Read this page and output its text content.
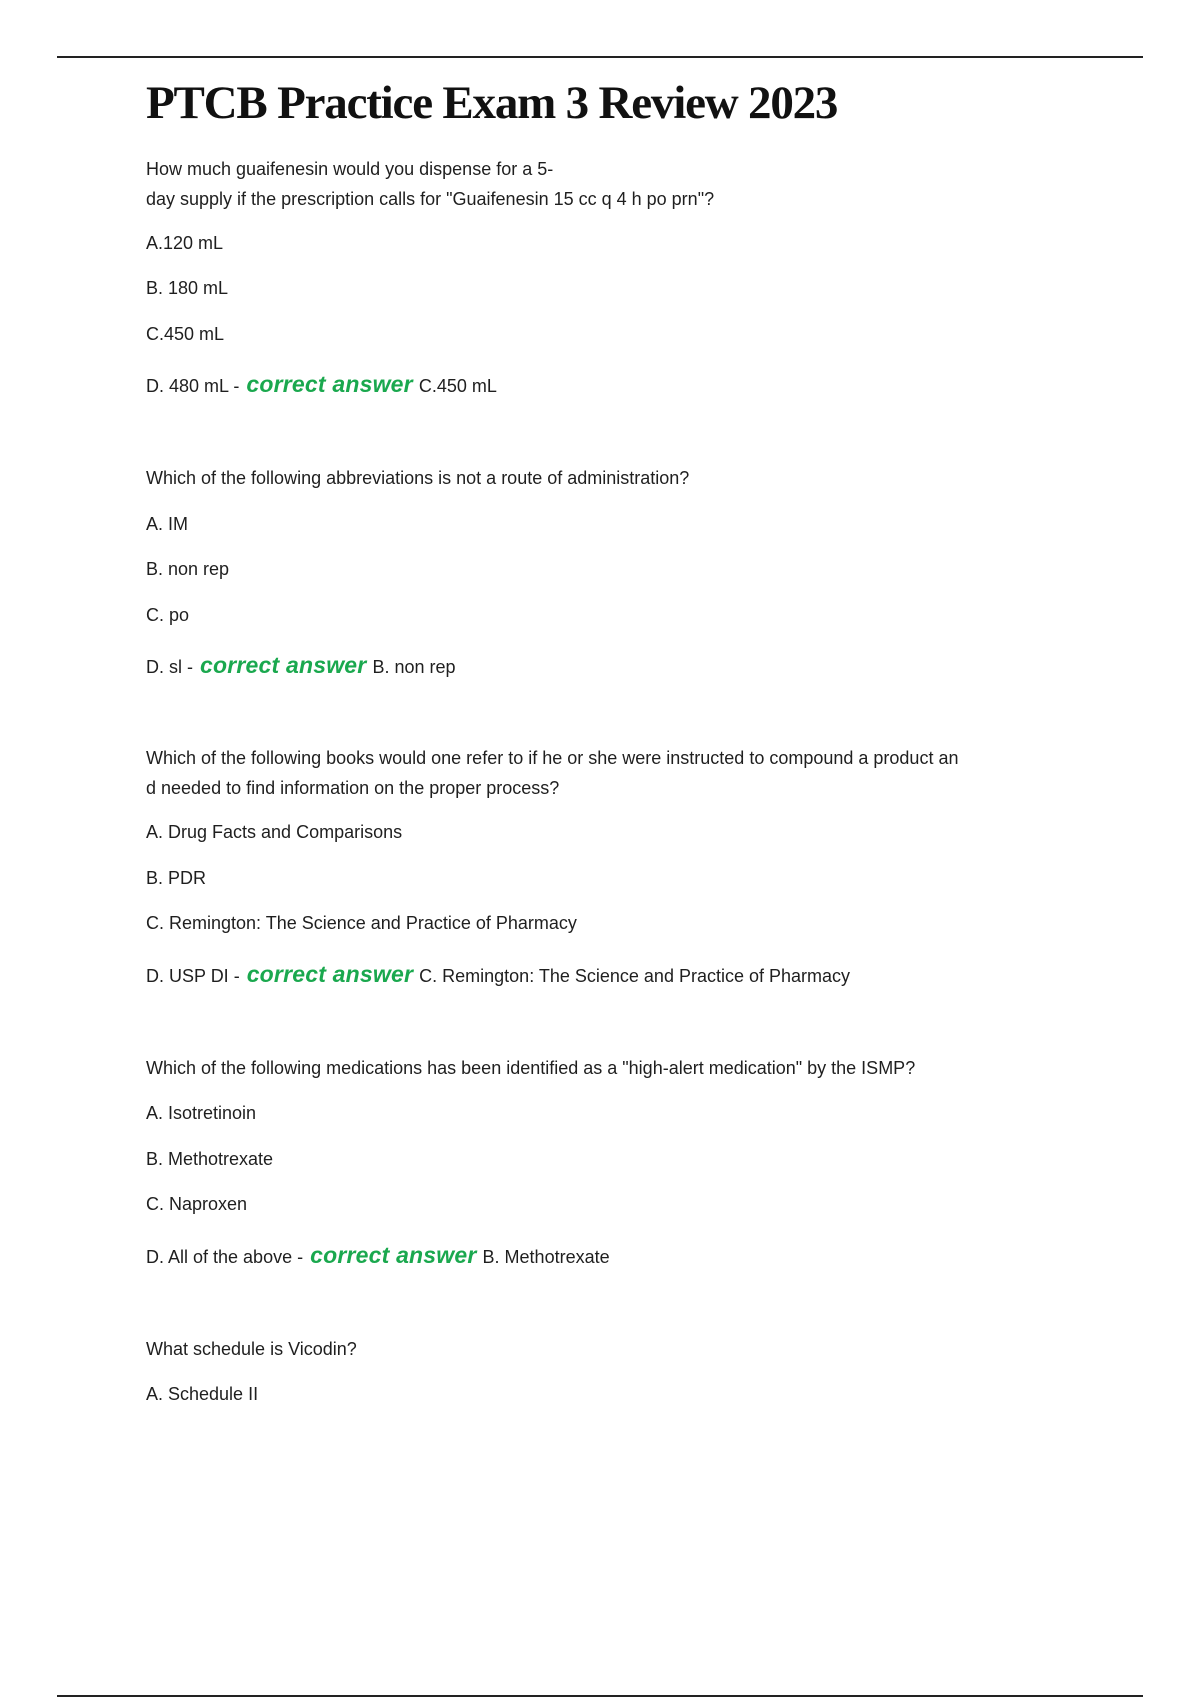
PTCB Practice Exam 3 Review 2023
How much guaifenesin would you dispense for a 5-
day supply if the prescription calls for "Guaifenesin 15 cc q 4 h po prn"?
A.120 mL
B. 180 mL
C.450 mL
D. 480 mL - correct answer C.450 mL
Which of the following abbreviations is not a route of administration?
A. IM
B. non rep
C. po
D. sl - correct answer B. non rep
Which of the following books would one refer to if he or she were instructed to compound a product an
d needed to find information on the proper process?
A. Drug Facts and Comparisons
B. PDR
C. Remington: The Science and Practice of Pharmacy
D. USP DI - correct answer C. Remington: The Science and Practice of Pharmacy
Which of the following medications has been identified as a "high-alert medication" by the ISMP?
A. Isotretinoin
B. Methotrexate
C. Naproxen
D. All of the above - correct answer B. Methotrexate
What schedule is Vicodin?
A. Schedule II
